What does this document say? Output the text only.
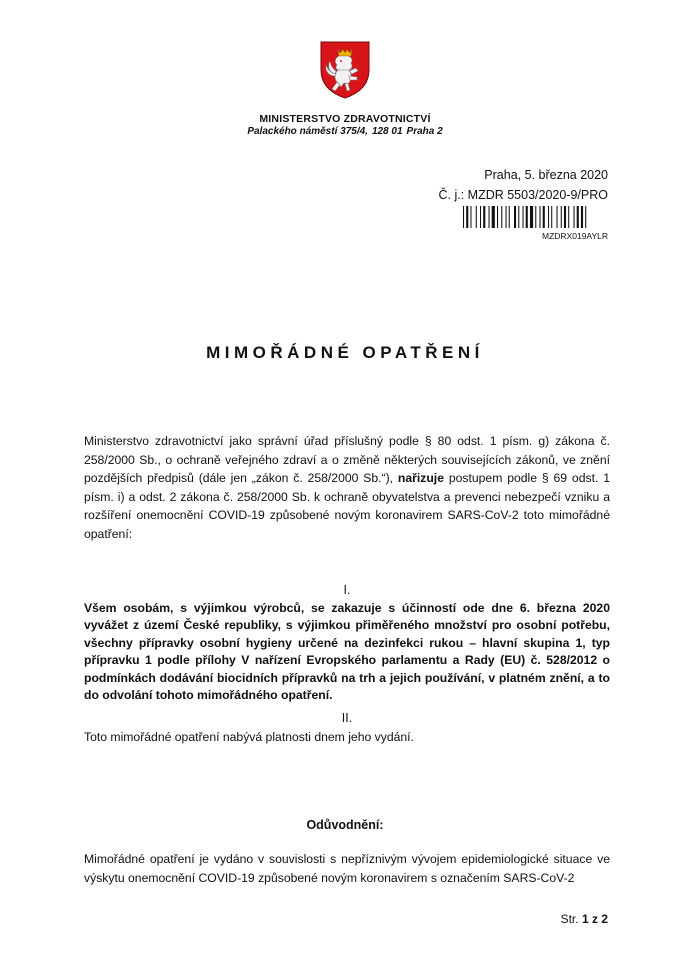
MINISTERSTVO ZDRAVOTNICTVÍ
Palackého náměstí 375/4, 128 01 Praha 2
Praha, 5. března 2020
Č. j.: MZDR 5503/2020-9/PRO
MZDRX019AYLR
MIMOŘÁDNÉ OPATŘENÍ
Ministerstvo zdravotnictví jako správní úřad příslušný podle § 80 odst. 1 písm. g) zákona č. 258/2000 Sb., o ochraně veřejného zdraví a o změně některých souvisejících zákonů, ve znění pozdějších předpisů (dále jen „zákon č. 258/2000 Sb.“), nařizuje postupem podle § 69 odst. 1 písm. i) a odst. 2 zákona č. 258/2000 Sb. k ochraně obyvatelstva a prevenci nebezpečí vzniku a rozšíření onemocnění COVID-19 způsobené novým koronavirem SARS-CoV-2 toto mimořádné opatření:
I.
Všem osobám, s výjimkou výrobců, se zakazuje s účinností ode dne 6. března 2020 vyvážet z území České republiky, s výjimkou přiměřeného množství pro osobní potřebu, všechny přípravky osobní hygieny určené na dezinfekci rukou – hlavní skupina 1, typ přípravku 1 podle přílohy V nařízení Evropského parlamentu a Rady (EU) č. 528/2012 o podmínkách dodávání biocidních přípravků na trh a jejich používání, v platném znění, a to do odvolání tohoto mimořádného opatření.
II.
Toto mimořádné opatření nabývá platnosti dnem jeho vydání.
Odůvodnění:
Mimořádné opatření je vydáno v souvislosti s nepříznivým vývojem epidemiologické situace ve výskytu onemocnění COVID-19 způsobené novým koronavirem s označením SARS-CoV-2
Str. 1 z 2
